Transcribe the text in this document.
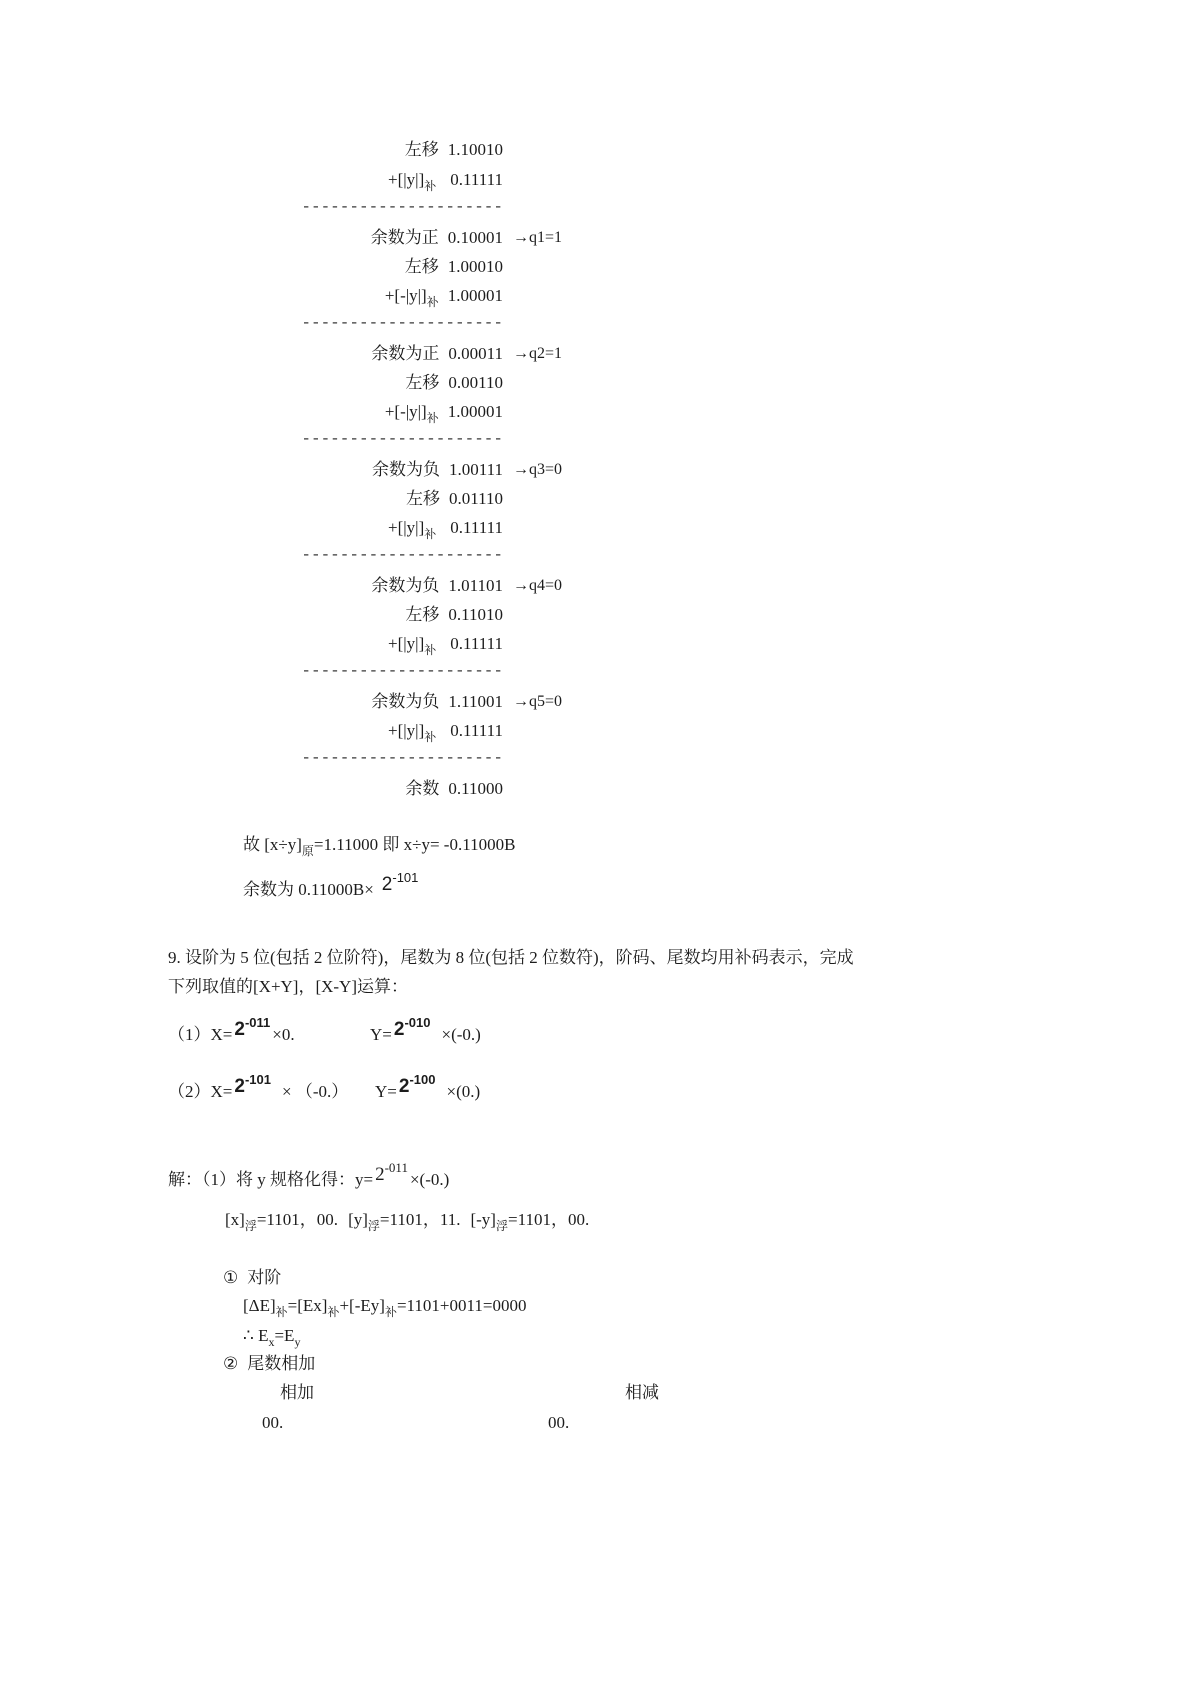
左移 1.10010
$+[|y|]_补$ 0.11111
---------------------
余数为正 0.10001 →q1=1
左移 1.00010
$+[-|y|]_补$ 1.00001
---------------------
余数为正 0.00011 →q2=1
左移 0.00110
$+[-|y|]_补$ 1.00001
---------------------
余数为负 1.00111 →q3=0
左移 0.01110
$+[|y|]_补$ 0.11111
---------------------
余数为负 1.01101 →q4=0
左移 0.11010
$+[|y|]_补$ 0.11111
---------------------
余数为负 1.11001 →q5=0
$+[|y|]_补$ 0.11111
---------------------
余数 0.11000
故 $[x\div y]_原=1.11000$ 即 x÷y= -0.11000B
余数为 $0.11000B\times 2^{-101}$
9. 设阶为 5 位(包括 2 位阶符)，尾数为 8 位(包括 2 位数符)，阶码、尾数均用补码表示，完成
下列取值的[X+Y]，[X-Y]运算：
$(1)X= 2^{-011}\times 0$.	$Y= 2^{-010}\times(-0.)$
$(2)X= 2^{-101}\times (-0.)$ $Y= 2^{-100}\times(0.)$
解：（1）将 y 规格化得：$y= 2^{-011}\times(-0.)$
$[x]_浮=1101$，00. $[y]_浮=1101$，11. $[-y]_浮=1101$，00.
① 对阶
$[\Delta E]_补=[Ex]_补+[-Ey]_补=1101+0011=0000$
∴ $E_x=E_y$
② 尾数相加
相加	相减
00.	00.
